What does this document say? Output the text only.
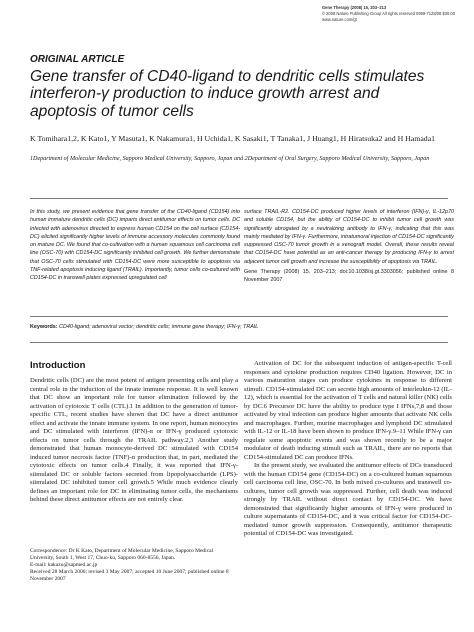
Gene Therapy (2008) 15, 203–213
© 2008 Nature Publishing Group All rights reserved 0969-7128/08 $30.00
www.nature.com/gt
ORIGINAL ARTICLE
Gene transfer of CD40-ligand to dendritic cells stimulates interferon-γ production to induce growth arrest and apoptosis of tumor cells
K Tomihara1,2, K Kato1, Y Masuta1, K Nakamura1, H Uchida1, K Sasaki1, T Tanaka1, J Huang1, H Hiratsuka2 and H Hamada1
1Department of Molecular Medicine, Sapporo Medical University, Sapporo, Japan and 2Department of Oral Surgery, Sapporo Medical University, Sapporo, Japan

In this study, we present evidence that gene transfer of the CD40-ligand (CD154) into human immature dendritic cells (DC) imparts direct antitumor effects on tumor cells. DC infected with adenovirus directed to express human CD154 on the cell surface (CD154-DC) elicited significantly higher levels of immune accessory molecules commonly found on mature DC. We found that co-cultivation with a human squamous cell carcinoma cell line (OSC-70) with CD154-DC significantly inhibited cell growth. We further demonstrate that OSC-70 cells stimulated with CD154-DC were more susceptible to apoptosis via TNF-related apoptosis inducing ligand (TRAIL). Importantly, tumor cells co-cultured with CD154-DC in transwell plates expressed upregulated cell

surface TRAIL-R2. CD154-DC produced higher levels of interferon (IFN)-γ, IL-12p70 and soluble CD154, but the ability of CD154-DC to inhibit tumor cell growth was significantly abrogated by a neutralizing antibody to IFN-γ, indicating that this was mainly mediated by IFN-γ. Furthermore, intratumoral injection of CD154-DC significantly suppressed OSC-70 tumor growth in a xenograft model. Overall, these results reveal that CD154-DC have potential as an anti-cancer therapy by producing IFN-γ to arrest adjacent tumor cell growth and increase the susceptibility of apoptosis via TRAIL.

Gene Therapy (2008) 15, 203–213; doi:10.1038/sj.gt.3303056; published online 8 November 2007

Keywords: CD40-ligand; adenoviral vector; dendritic cells; immune gene therapy; IFN-γ; TRAIL
Introduction

Dendritic cells (DC) are the most potent of antigen presenting cells and play a central role in the induction of the innate immune response. It is well known that DC show an important role for tumor elimination followed by the activation of cytotoxic T cells (CTL).1 In addition to the generation of tumor-specific CTL, recent studies have shown that DC have a direct antitumor effect and activate the innate immune system. In one report, human monocytes and DC stimulated with interferon (IFN)-α or IFN-γ produced cytotoxic effects on tumor cells through the TRAIL pathway.2,3 Another study demonstrated that human monocyte-derived DC stimulated with CD154 induced tumor necrosis factor (TNF)-α production that, in part, mediated the cytotoxic effects on tumor cells.4 Finally, it was reported that IFN-γ-stimulated DC or soluble factors secreted from lipopolysaccharide (LPS)-stimulated DC inhibited tumor cell growth.5 While much evidence clearly defines an important role for DC in eliminating tumor cells, the mechanisms behind these direct antitumor effects are not entirely clear.

Activation of DC for the subsequent induction of antigen-specific T-cell responses and cytokine production requires CD40 ligation. However, DC in various maturation stages can produce cytokines in response to different stimuli. CD154-stimulated DC can secrete high amounts of interleukin-12 (IL-12), which is essential for the activation of T cells and natural killer (NK) cells by DC.6 Precursor DC have the ability to produce type I IFNs,7,8 and those activated by viral infection can produce higher amounts that activate NK cells and macrophages. Further, murine macrophages and lymphoid DC stimulated with IL-12 or IL-18 have been shown to produce IFN-γ.9–11 While IFN-γ can regulate some apoptotic events and was shown recently to be a major modulator of death inducing stimuli such as TRAIL, there are no reports that CD154-stimulated DC can produce IFNs.

In the present study, we evaluated the antitumor effects of DCs transduced with the human CD154 gene (CD154-DC) on a co-cultured human squamous cell carcinoma cell line, OSC-70. In both mixed co-cultures and transwell co-cultures, tumor cell growth was suppressed. Further, cell death was induced strongly by TRAIL without direct contact by CD154-DC. We have demonstrated that significantly higher amounts of IFN-γ were produced in culture supernatants of CD154-DC, and it was critical factor for CD154-DC-mediated tumor growth suppression. Consequently, antitumor therapeutic potential of CD154-DC was investigated.

Correspondence: Dr K Kato, Department of Molecular Medicine, Sapporo Medical University, South 1, West 17, Chuo-ku, Sapporo 060-8556, Japan.
E-mail: kakazu@sapmed.ac.jp
Received 28 March 2006; revised 3 May 2007; accepted 10 June 2007; published online 8 November 2007
